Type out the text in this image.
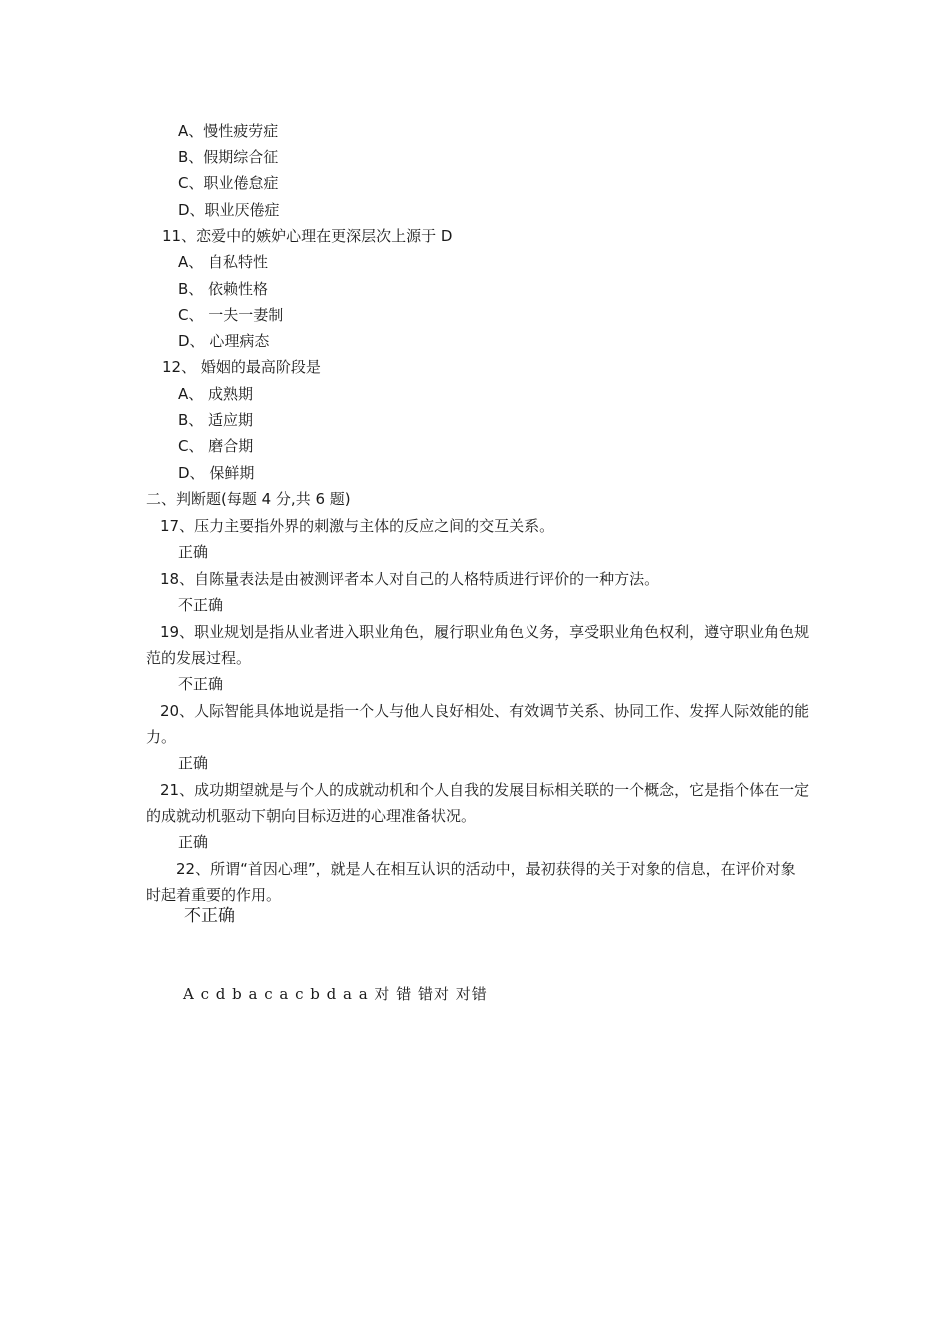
A、慢性疲劳症
B、假期综合征
C、职业倦怠症
D、职业厌倦症
11、恋爱中的嫉妒心理在更深层次上源于 D
A、 自私特性
B、 依赖性格
C、 一夫一妻制
D、 心理病态
12、 婚姻的最高阶段是
A、 成熟期
B、 适应期
C、 磨合期
D、 保鲜期
二、判断题(每题 4 分,共 6 题)
17、压力主要指外界的刺激与主体的反应之间的交互关系。
正确
18、自陈量表法是由被测评者本人对自己的人格特质进行评价的一种方法。
不正确
19、职业规划是指从业者进入职业角色，履行职业角色义务，享受职业角色权利，遵守职业角色规范的发展过程。
不正确
20、人际智能具体地说是指一个人与他人良好相处、有效调节关系、协同工作、发挥人际效能的能力。
正确
21、成功期望就是与个人的成就动机和个人自我的发展目标相关联的一个概念，它是指个体在一定的成就动机驱动下朝向目标迈进的心理准备状况。
正确
22、所谓“首因心理”，就是人在相互认识的活动中，最初获得的关于对象的信息，在评价对象时起着重要的作用。
不正确
A c d b a c a c b d a a 对 错 错对 对错
